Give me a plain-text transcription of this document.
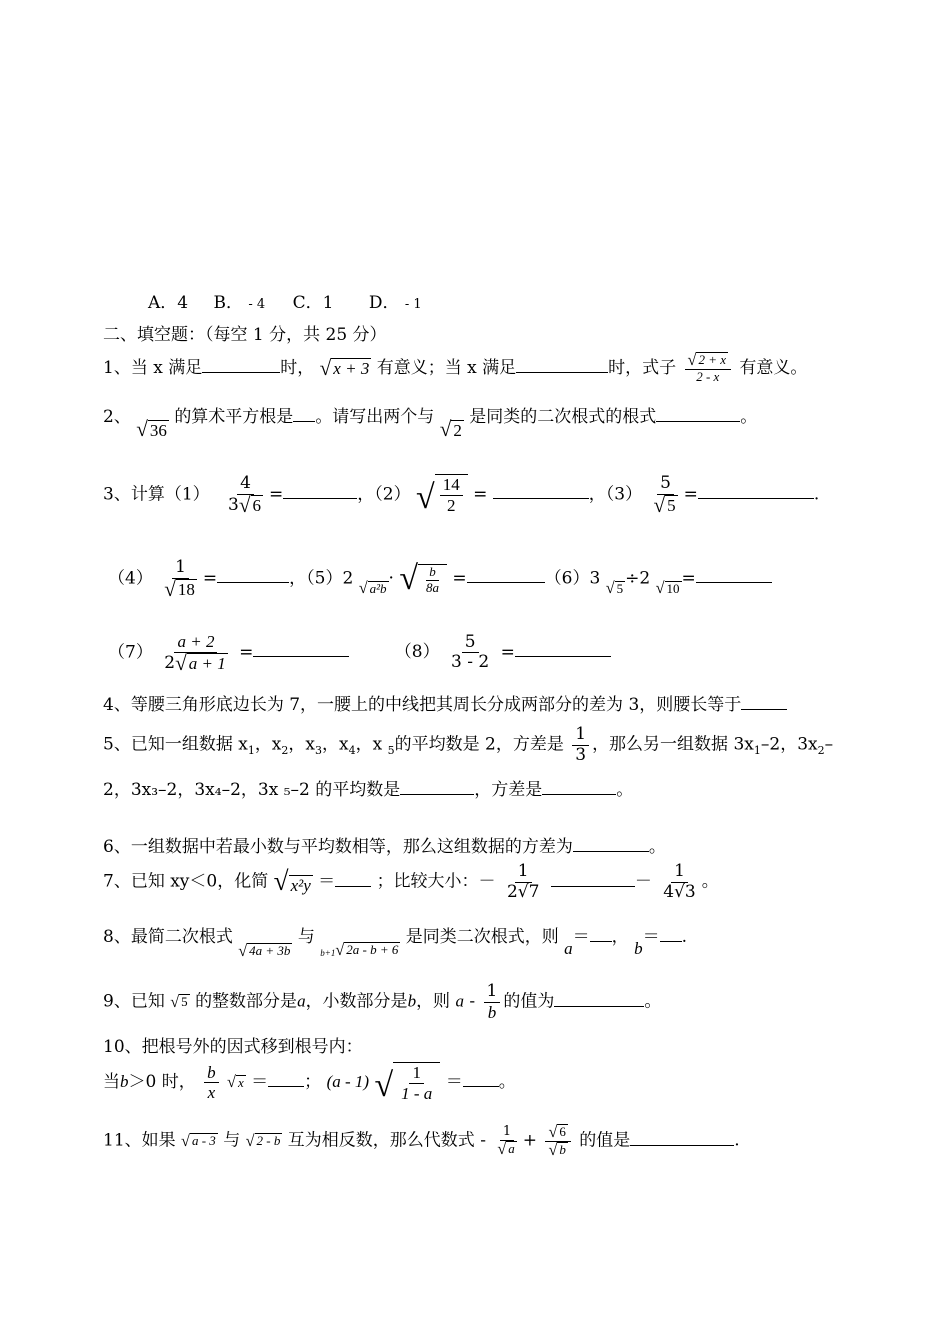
A．4 B． - 4 C．1 D． - 1
二、填空题：（每空 1 分，共 25 分）
1、当 x 满足	时， √ x + 3 有意义；当 x 满足	时，式子 $\frac{√ 2 + x}{2 - x}$ 有意义。
2、 √ 36
的算术平方根是 。请写出两个与 √ 2
是同类的二次根式的根式	。
3、计算$(1) \frac{4}{3 √ 6}$ =	，（2） √ $\frac{14}{2}$ =	，$(3) \frac{5}{√ 5}$ =	.
$(4) \frac{1}{√ 18}$ =	，（5）2 √ a²b · √ $\frac{b}{8a}$ =	（6）3 √ 5 ÷2 √ 10 =
$(7) \frac{a + 2}{2 √ a + 1}$ =	$(8) \frac{5}{3 - 2}$ =
4、等腰三角形底边长为 7，一腰上的中线把其周长分成两部分的差为 3，则腰长等于
5、已知一组数据 $x_1$，$x_2$，$x_3$，$x_4$，x $_5$的平均数是 2，方差是 $\frac{1}{3}$ ，那么另一组数据 $3x_1-2$，$3x_2-$
2，3x₃–2，3x₄–2，3x ₅–2 的平均数是	，方差是	。
6、一组数据中若最小数与平均数相等，那么这组数据的方差为	。
7、已知 xy＜0，化简 √ x²y ＝ ；比较大小：－ $\frac{1}{2√7}$	－ $\frac{1}{4√3}$ 。
8、最简二次根式
√ 4a + 3b
与
b+1 √ 2a - b + 6
是同类二次根式，则 a＝ ， b＝ .
9、已知 √ 5 的整数部分是a，小数部分是b，则 a - $\frac{1}{b}$ 的值为	。
10、把根号外的因式移到根号内：
当b＞0 时， $\frac{b}{x}$
√ x ＝ ； (a - 1) √ $\frac{1}{1 - a}$ ＝ 。
11、如果 √ a - 3 与 √ 2 - b 互为相反数，那么代数式 - $\frac{1}{√ a} + \frac{√ 6}{√ b}$ 的值是	.
